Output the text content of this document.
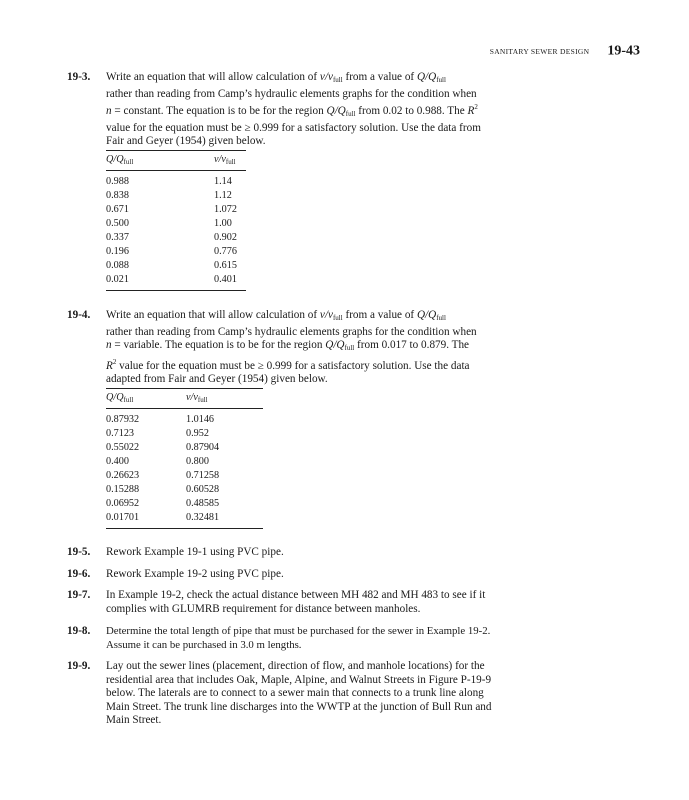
SANITARY SEWER DESIGN 19-43
19-3.	Write an equation that will allow calculation of $v/v_{full}$ from a value of $Q/Q_{full}$
rather than reading from Camp’s hydraulic elements graphs for the condition when
n = constant. The equation is to be for the region $Q/Q_{full}$ from 0.02 to 0.988. The $R^2$
value for the equation must be ≥ 0.999 for a satisfactory solution. Use the data from
Fair and Geyer (1954) given below.
$Q/Q_{full}$	$v/v_{full}$
0.988	1.14
0.838	1.12
0.671	1.072
0.500	1.00
0.337	0.902
0.196	0.776
0.088	0.615
0.021	0.401
19-4.	Write an equation that will allow calculation of $v/v_{full}$ from a value of $Q/Q_{full}$
rather than reading from Camp’s hydraulic elements graphs for the condition when
n = variable. The equation is to be for the region $Q/Q_{full}$ from 0.017 to 0.879. The
$R^2$ value for the equation must be ≥ 0.999 for a satisfactory solution. Use the data
adapted from Fair and Geyer (1954) given below.
$Q/Q_{full}$	$v/v_{full}$
0.87932	1.0146
0.7123	0.952
0.55022	0.87904
0.400	0.800
0.26623	0.71258
0.15288	0.60528
0.06952	0.48585
0.01701	0.32481
19-5. Rework Example 19-1 using PVC pipe.
19-6. Rework Example 19-2 using PVC pipe.
19-7. In Example 19-2, check the actual distance between MH 482 and MH 483 to see if it
complies with GLUMRB requirement for distance between manholes.
19-8. Determine the total length of pipe that must be purchased for the sewer in Example 19-2.
Assume it can be purchased in 3.0 m lengths.
19-9. Lay out the sewer lines (placement, direction of flow, and manhole locations) for the
residential area that includes Oak, Maple, Alpine, and Walnut Streets in Figure P-19-9
below. The laterals are to connect to a sewer main that connects to a trunk line along
Main Street. The trunk line discharges into the WWTP at the junction of Bull Run and
Main Street.
